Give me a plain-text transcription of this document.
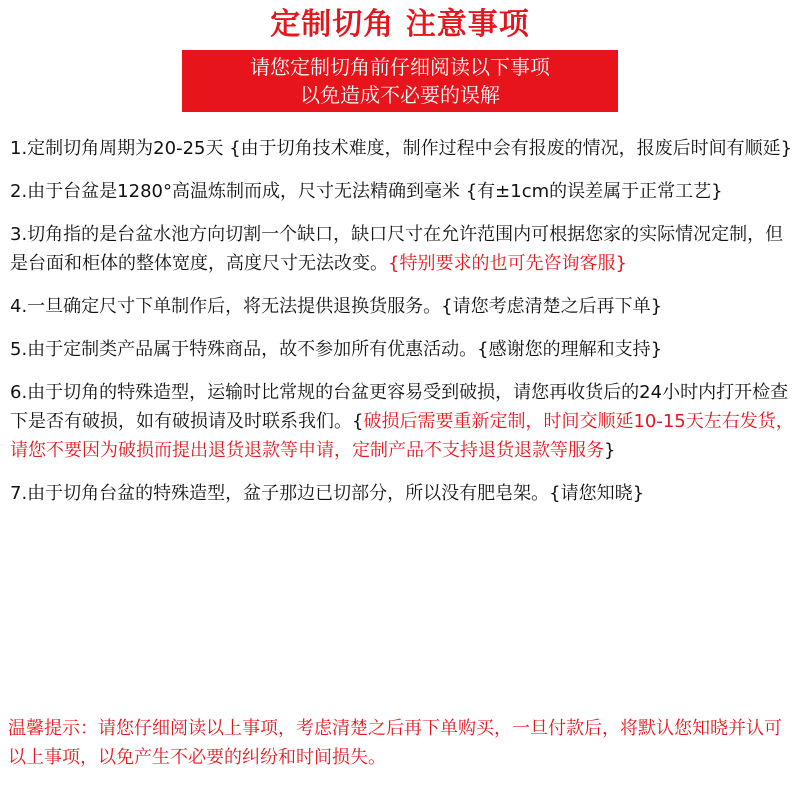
定制切角 注意事项
请您定制切角前仔细阅读以下事项
以免造成不必要的误解
1.定制切角周期为20-25天 {由于切角技术难度，制作过程中会有报废的情况，报废后时间有顺延}
2.由于台盆是1280°高温炼制而成，尺寸无法精确到毫米 {有±1cm的误差属于正常工艺}
3.切角指的是台盆水池方向切割一个缺口，缺口尺寸在允许范围内可根据您家的实际情况定制，但是台面和柜体的整体宽度，高度尺寸无法改变。{特别要求的也可先咨询客服}
4.一旦确定尺寸下单制作后，将无法提供退换货服务。{请您考虑清楚之后再下单}
5.由于定制类产品属于特殊商品，故不参加所有优惠活动。{感谢您的理解和支持}
6.由于切角的特殊造型，运输时比常规的台盆更容易受到破损，请您再收货后的24小时内打开检查下是否有破损，如有破损请及时联系我们。{破损后需要重新定制，时间交顺延10-15天左右发货，请您不要因为破损而提出退货退款等申请，定制产品不支持退货退款等服务}
7.由于切角台盆的特殊造型，盆子那边已切部分，所以没有肥皂架。{请您知晓}
温馨提示：请您仔细阅读以上事项，考虑清楚之后再下单购买，一旦付款后，将默认您知晓并认可以上事项，以免产生不必要的纠纷和时间损失。
